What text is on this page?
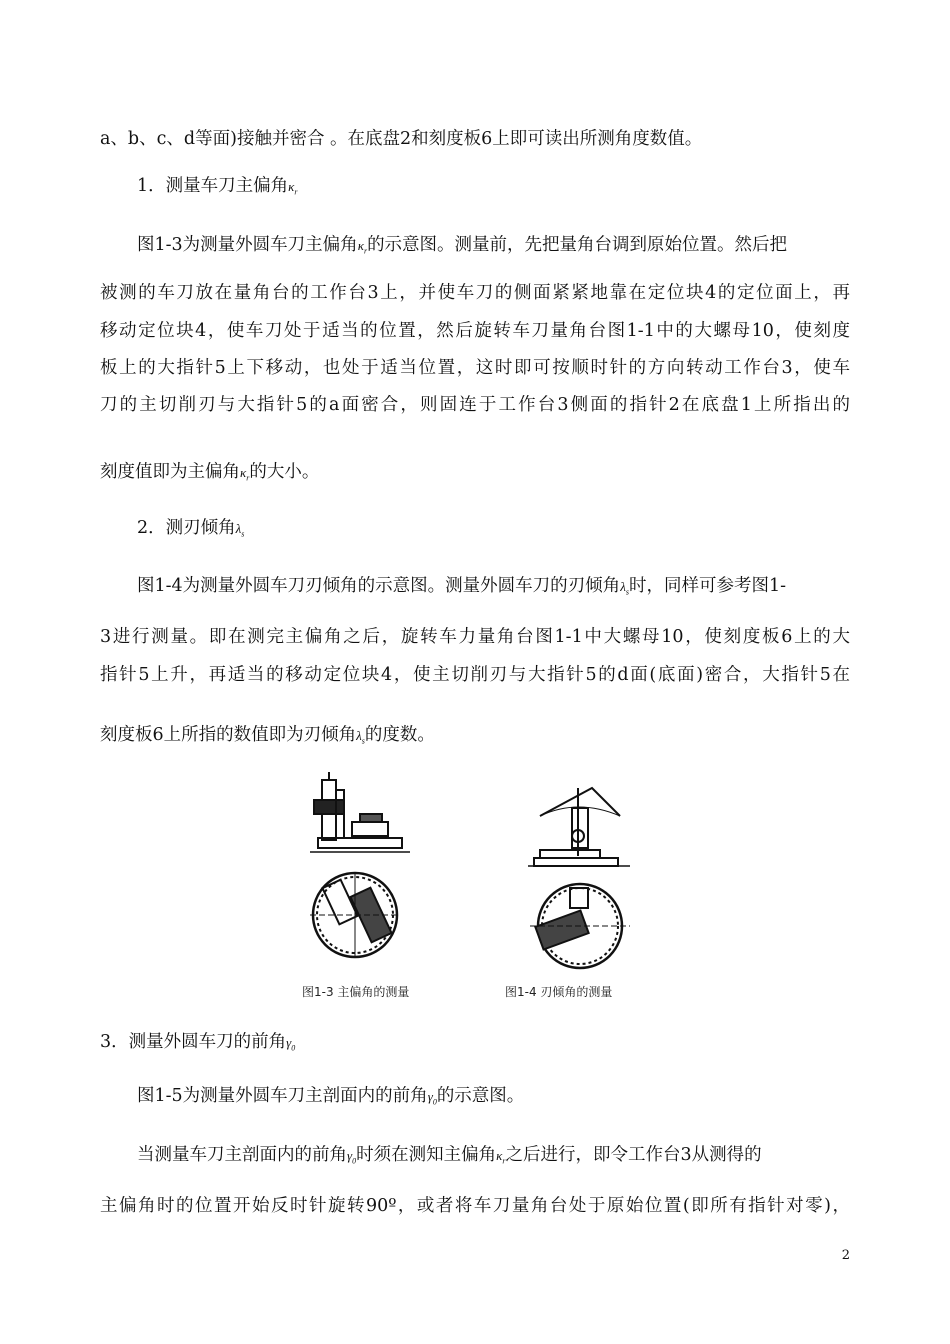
a、b、c、d等面)接触并密合 。在底盘2和刻度板6上即可读出所测角度数值。
1．测量车刀主偏角$\kappa_r$
图1-3为测量外圆车刀主偏角$\kappa_r$的示意图。测量前，先把量角台调到原始位置。然后把
被测的车刀放在量角台的工作台3上，并使车刀的侧面紧紧地靠在定位块4的定位面上，再
移动定位块4，使车刀处于适当的位置，然后旋转车刀量角台图1-1中的大螺母10，使刻度
板上的大指针5上下移动，也处于适当位置，这时即可按顺时针的方向转动工作台3，使车
刀的主切削刃与大指针5的a面密合，则固连于工作台3侧面的指针2在底盘1上所指出的
刻度值即为主偏角$\kappa_r$的大小。
2．测刃倾角$\lambda_s$
图1-4为测量外圆车刀刃倾角的示意图。测量外圆车刀的刃倾角$\lambda_s$时，同样可参考图1-
3进行测量。即在测完主偏角之后，旋转车力量角台图1-1中大螺母10，使刻度板6上的大
指针5上升，再适当的移动定位块4，使主切削刃与大指针5的d面(底面)密合，大指针5在
刻度板6上所指的数值即为刃倾角$\lambda_s$的度数。
图1-3 主偏角的测量	图1-4 刃倾角的测量
3．测量外圆车刀的前角$\gamma_0$
图1-5为测量外圆车刀主剖面内的前角$\gamma_0$的示意图。
当测量车刀主剖面内的前角$\gamma_0$时须在测知主偏角$\kappa_r$之后进行，即令工作台3从测得的
主偏角时的位置开始反时针旋转90º，或者将车刀量角台处于原始位置(即所有指针对零)，
2
